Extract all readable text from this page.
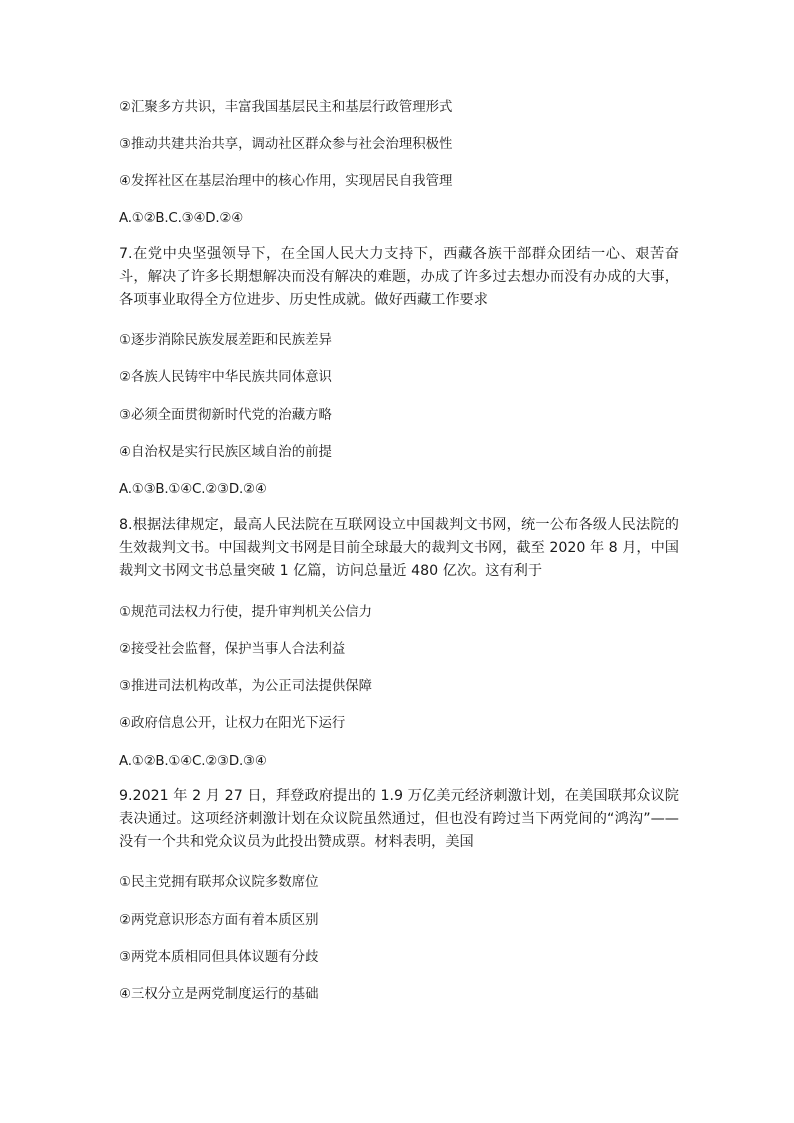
②汇聚多方共识，丰富我国基层民主和基层行政管理形式
③推动共建共治共享，调动社区群众参与社会治理积极性
④发挥社区在基层治理中的核心作用，实现居民自我管理
A.①②B.C.③④D.②④
7.在党中央坚强领导下，在全国人民大力支持下，西藏各族干部群众团结一心、艰苦奋斗，解决了许多长期想解决而没有解决的难题，办成了许多过去想办而没有办成的大事，各项事业取得全方位进步、历史性成就。做好西藏工作要求
①逐步消除民族发展差距和民族差异
②各族人民铸牢中华民族共同体意识
③必须全面贯彻新时代党的治藏方略
④自治权是实行民族区域自治的前提
A.①③B.①④C.②③D.②④
8.根据法律规定，最高人民法院在互联网设立中国裁判文书网，统一公布各级人民法院的生效裁判文书。中国裁判文书网是目前全球最大的裁判文书网，截至 2020 年 8 月，中国裁判文书网文书总量突破 1 亿篇，访问总量近 480 亿次。这有利于
①规范司法权力行使，提升审判机关公信力
②接受社会监督，保护当事人合法利益
③推进司法机构改革，为公正司法提供保障
④政府信息公开，让权力在阳光下运行
A.①②B.①④C.②③D.③④
9.2021 年 2 月 27 日，拜登政府提出的 1.9 万亿美元经济刺激计划，在美国联邦众议院表决通过。这项经济刺激计划在众议院虽然通过，但也没有跨过当下两党间的“鸿沟”——没有一个共和党众议员为此投出赞成票。材料表明，美国
①民主党拥有联邦众议院多数席位
②两党意识形态方面有着本质区别
③两党本质相同但具体议题有分歧
④三权分立是两党制度运行的基础
